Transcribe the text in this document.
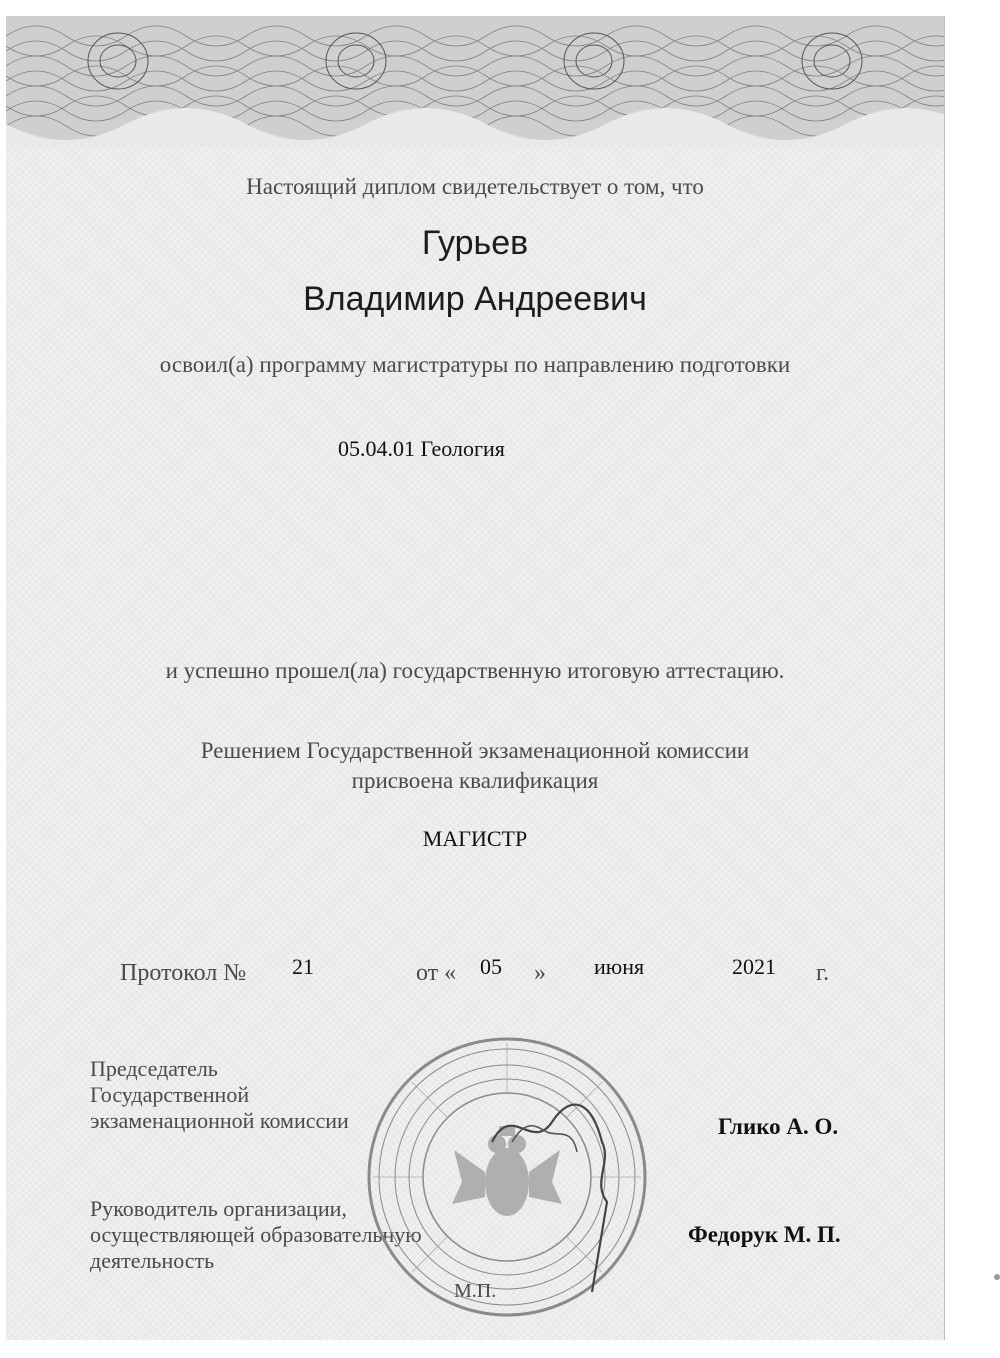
Настоящий диплом свидетельствует о том, что
Гурьев
Владимир Андреевич
освоил(а) программу магистратуры по направлению подготовки
05.04.01 Геология
и успешно прошел(ла) государственную итоговую аттестацию.
Решением Государственной экзаменационной комиссии
присвоена квалификация
МАГИСТР
Протокол № 21	от « 05 » июня	2021 г.
Председатель
Государственной
экзаменационной комиссии	Глико А. О.
Руководитель организации,
осуществляющей образовательную
деятельность
Федорук М. П.
М.П.
